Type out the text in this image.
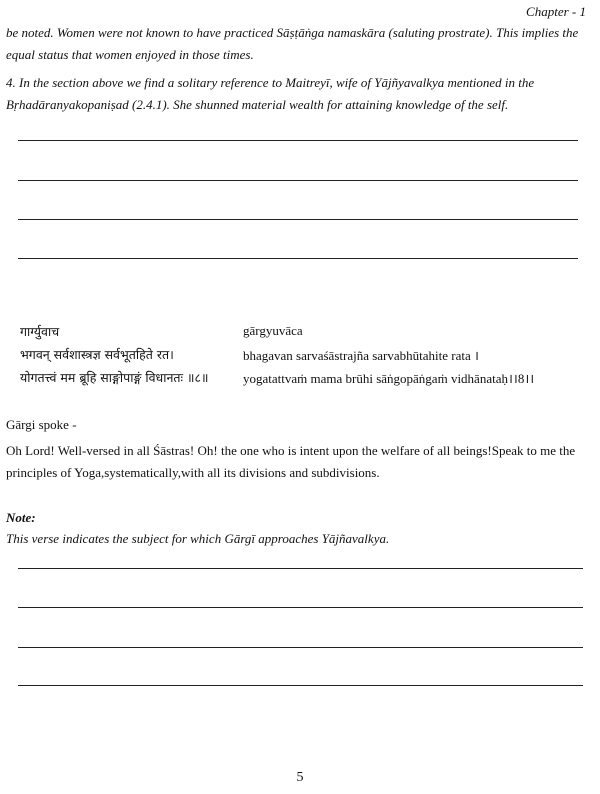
Chapter - 1
be noted. Women were not known to have practiced Sāṣṭāṅga namaskāra (saluting prostrate). This implies the equal status that women enjoyed in those times.
4. In the section above we find a solitary reference to Maitreyī, wife of Yājñyavalkya mentioned in the Bṛhadāranyakopaniṣad (2.4.1). She shunned material wealth for attaining knowledge of the self.
गार्ग्युवाच
भगवन् सर्वशास्त्रज्ञ सर्वभूतहिते रत।
योगतत्त्वं मम ब्रूहि साङ्गोपाङ्गं विधानतः ॥८॥
gārgyuvāca
bhagavan sarvaśāstrajña sarvabhūtahite rata ।
yogatattvaṁ mama brūhi sāṅgopāṅgaṁ vidhānataḥ।।8।।
Gārgi spoke -
Oh Lord! Well-versed in all Śāstras! Oh! the one who is intent upon the welfare of all beings!Speak to me the principles of Yoga,systematically,with all its divisions and subdivisions.
Note:
This verse indicates the subject for which Gārgī approaches Yājñavalkya.
5
